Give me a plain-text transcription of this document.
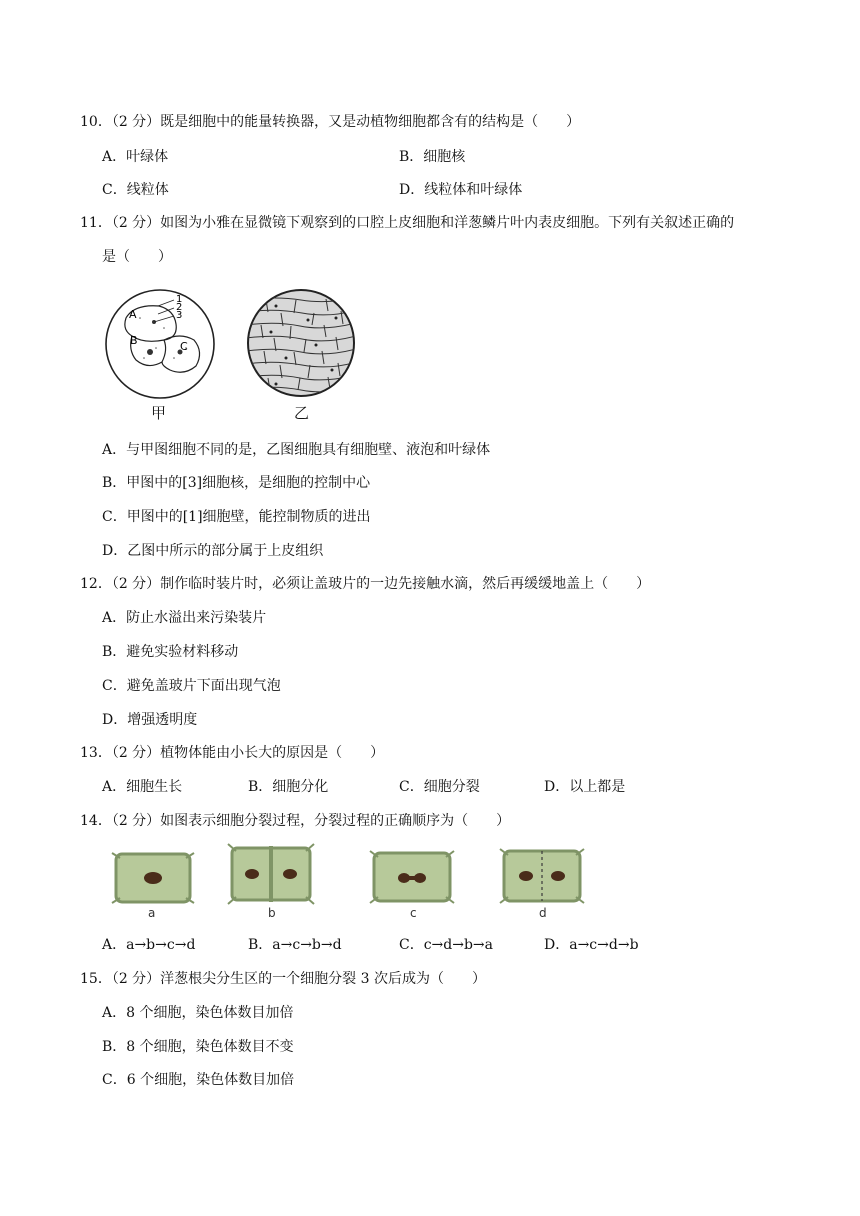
10．（2 分）既是细胞中的能量转换器，又是动植物细胞都含有的结构是（　　）
A．叶绿体	B．细胞核
C．线粒体	D．线粒体和叶绿体
11．（2 分）如图为小雅在显微镜下观察到的口腔上皮细胞和洋葱鳞片叶内表皮细胞。下列有关叙述正确的
是（　　）
1
2
3
A
B	C
甲	乙
A．与甲图细胞不同的是，乙图细胞具有细胞壁、液泡和叶绿体
B．甲图中的[3]细胞核，是细胞的控制中心
C．甲图中的[1]细胞壁，能控制物质的进出
D．乙图中所示的部分属于上皮组织
12．（2 分）制作临时装片时，必须让盖玻片的一边先接触水滴，然后再缓缓地盖上（　　）
A．防止水溢出来污染装片
B．避免实验材料移动
C．避免盖玻片下面出现气泡
D．增强透明度
13．（2 分）植物体能由小长大的原因是（　　）
A．细胞生长	B．细胞分化	C．细胞分裂	D．以上都是
14．（2 分）如图表示细胞分裂过程，分裂过程的正确顺序为（　　）
a	b	c	d
A．a→b→c→d	B．a→c→b→d	C．c→d→b→a	D．a→c→d→b
15．（2 分）洋葱根尖分生区的一个细胞分裂 3 次后成为（　　）
A．8 个细胞，染色体数目加倍
B．8 个细胞，染色体数目不变
C．6 个细胞，染色体数目加倍
